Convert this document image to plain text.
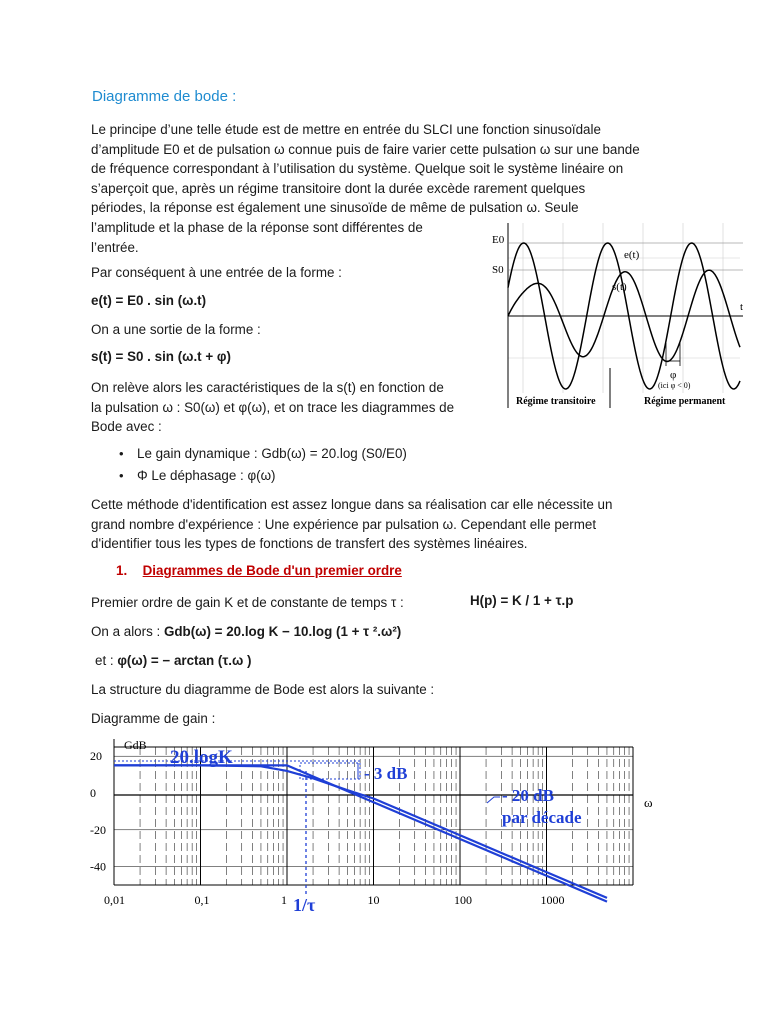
Diagramme de bode :
Le principe d’une telle étude est de mettre en entrée du SLCI une fonction sinusoïdale
d’amplitude E0 et de pulsation ω connue puis de faire varier cette pulsation ω sur une bande
de fréquence correspondant à l’utilisation du système. Quelque soit le système linéaire on
s’aperçoit que, après un régime transitoire dont la durée excède rarement quelques
périodes, la réponse est également une sinusoïde de même de pulsation ω. Seule
l’amplitude et la phase de la réponse sont différentes de
l’entrée.
Par conséquent à une entrée de la forme :
e(t) = E0 . sin (ω.t)
On a une sortie de la forme :
s(t) = S0 . sin (ω.t + φ)
On relève alors les caractéristiques de la s(t) en fonction de
la pulsation ω : S0(ω) et φ(ω), et on trace les diagrammes de
Bode avec :
• Le gain dynamique : Gdb(ω) = 20.log (S0/E0)
• Φ Le déphasage : φ(ω)
Cette méthode d'identification est assez longue dans sa réalisation car elle nécessite un
grand nombre d'expérience : Une expérience par pulsation ω. Cependant elle permet
d'identifier tous les types de fonctions de transfert des systèmes linéaires.
1. Diagrammes de Bode d'un premier ordre
Premier ordre de gain K et de constante de temps τ :	H(p) = K / 1 + τ.p
On a alors : Gdb(ω) = 20.log K − 10.log (1 + τ ².ω²)
et : φ(ω) = − arctan (τ.ω )
La structure du diagramme de Bode est alors la suivante :
Diagramme de gain :
E0
S0
t
e(t)
s(t)
φ
(ici φ < 0)
Régime transitoire	Régime permanent
0,01	0,1	1	10	100	1000
20
0
-20
-40
GdB
ω
20.logK
- 3 dB
- 20 dB
par décade
1/τ
